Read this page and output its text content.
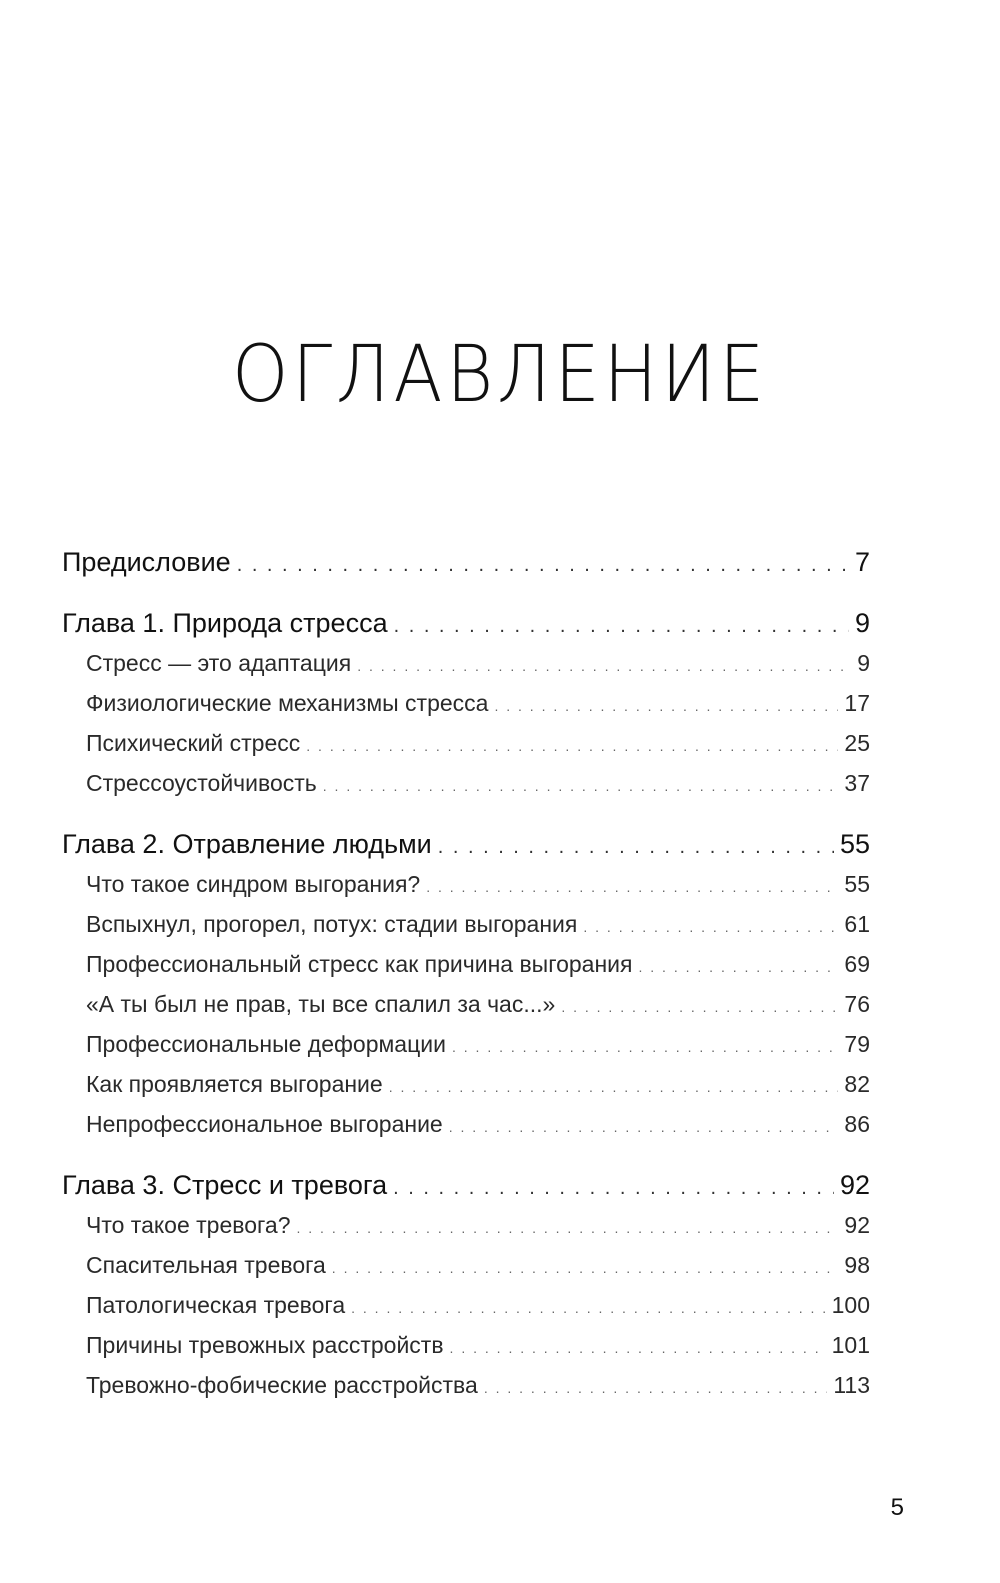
ОГЛАВЛЕНИЕ
Предисловие . . .	7
Глава 1. Природа стресса . . .	9
Стресс — это адаптация . . .	9
Физиологические механизмы стресса . . .	17
Психический стресс . . .	25
Стрессоустойчивость . . .	37
Глава 2. Отравление людьми . . .	55
Что такое синдром выгорания? . . .	55
Вспыхнул, прогорел, потух: стадии выгорания . . .	61
Профессиональный стресс как причина выгорания . . .	69
«А ты был не прав, ты все спалил за час...» . . .	76
Профессиональные деформации . . .	79
Как проявляется выгорание . . .	82
Непрофессиональное выгорание . . .	86
Глава 3. Стресс и тревога . . .	92
Что такое тревога? . . .	92
Спасительная тревога . . .	98
Патологическая тревога . . .	100
Причины тревожных расстройств . . .	101
Тревожно-фобические расстройства . . .	113
5
